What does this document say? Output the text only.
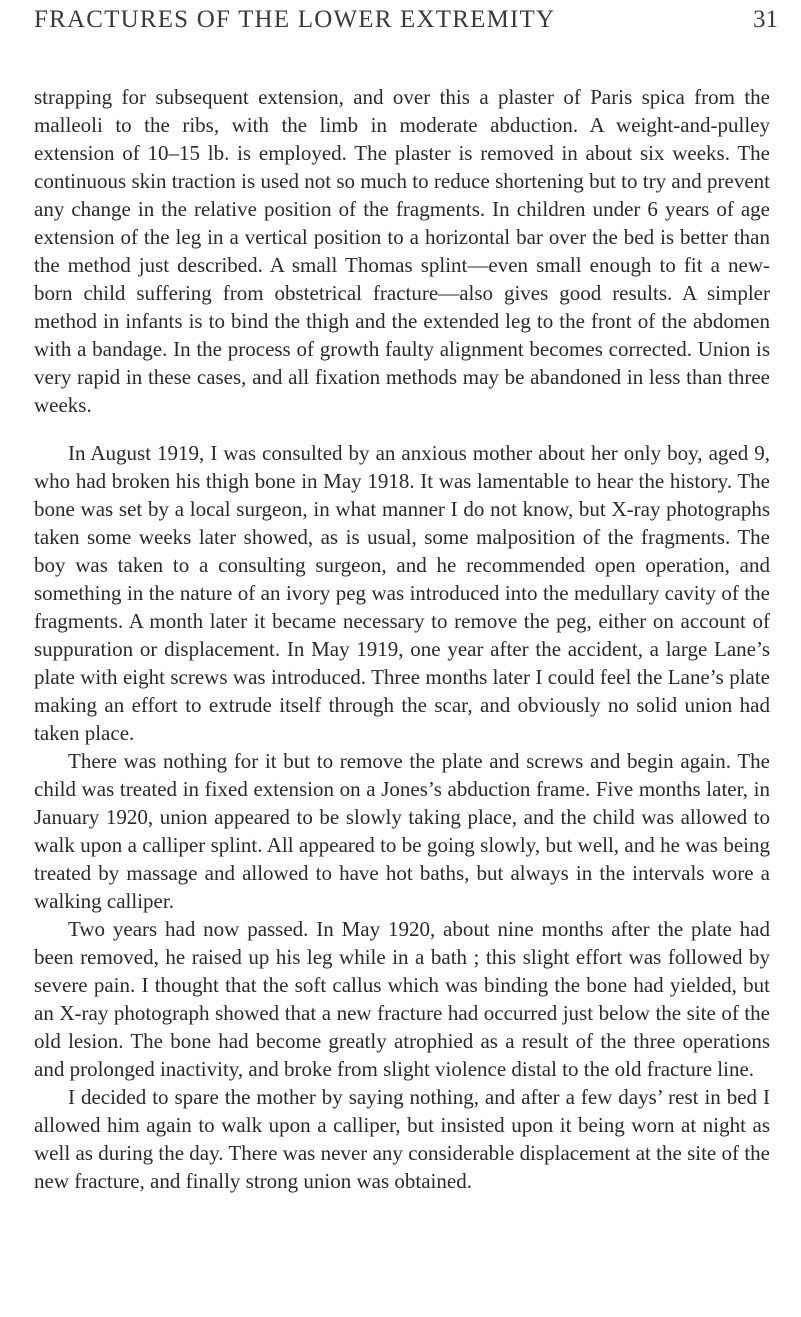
FRACTURES OF THE LOWER EXTREMITY	31

strapping for subsequent extension, and over this a plaster of Paris spica from the malleoli to the ribs, with the limb in moderate abduction. A weight-and-pulley extension of 10–15 lb. is employed. The plaster is removed in about six weeks. The continuous skin traction is used not so much to reduce shortening but to try and prevent any change in the relative position of the fragments. In children under 6 years of age extension of the leg in a vertical position to a horizontal bar over the bed is better than the method just described. A small Thomas splint—even small enough to fit a new-born child suffering from obstetrical fracture—also gives good results. A simpler method in infants is to bind the thigh and the extended leg to the front of the abdomen with a bandage. In the process of growth faulty alignment becomes corrected. Union is very rapid in these cases, and all fixation methods may be abandoned in less than three weeks.

In August 1919, I was consulted by an anxious mother about her only boy, aged 9, who had broken his thigh bone in May 1918. It was lamentable to hear the history. The bone was set by a local surgeon, in what manner I do not know, but X-ray photographs taken some weeks later showed, as is usual, some malposition of the fragments. The boy was taken to a consulting surgeon, and he recommended open operation, and something in the nature of an ivory peg was introduced into the medullary cavity of the fragments. A month later it became necessary to remove the peg, either on account of suppuration or displacement. In May 1919, one year after the accident, a large Lane’s plate with eight screws was introduced. Three months later I could feel the Lane’s plate making an effort to extrude itself through the scar, and obviously no solid union had taken place.

There was nothing for it but to remove the plate and screws and begin again. The child was treated in fixed extension on a Jones’s abduction frame. Five months later, in January 1920, union appeared to be slowly taking place, and the child was allowed to walk upon a calliper splint. All appeared to be going slowly, but well, and he was being treated by massage and allowed to have hot baths, but always in the intervals wore a walking calliper.

Two years had now passed. In May 1920, about nine months after the plate had been removed, he raised up his leg while in a bath ; this slight effort was followed by severe pain. I thought that the soft callus which was binding the bone had yielded, but an X-ray photograph showed that a new fracture had occurred just below the site of the old lesion. The bone had become greatly atrophied as a result of the three operations and prolonged inactivity, and broke from slight violence distal to the old fracture line.

I decided to spare the mother by saying nothing, and after a few days’ rest in bed I allowed him again to walk upon a calliper, but insisted upon it being worn at night as well as during the day. There was never any considerable displacement at the site of the new fracture, and finally strong union was obtained.
